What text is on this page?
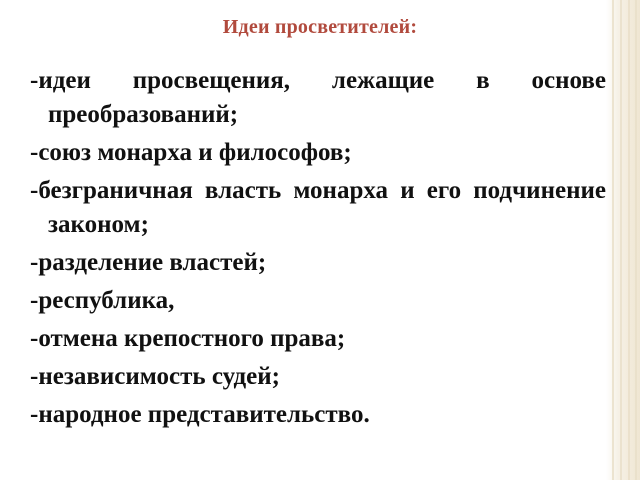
Идеи просветителей:
-идеи просвещения, лежащие в основе преобразований;
-союз монарха и философов;
-безграничная власть монарха и его подчинение законом;
-разделение властей;
-республика,
-отмена крепостного права;
-независимость судей;
-народное представительство.
